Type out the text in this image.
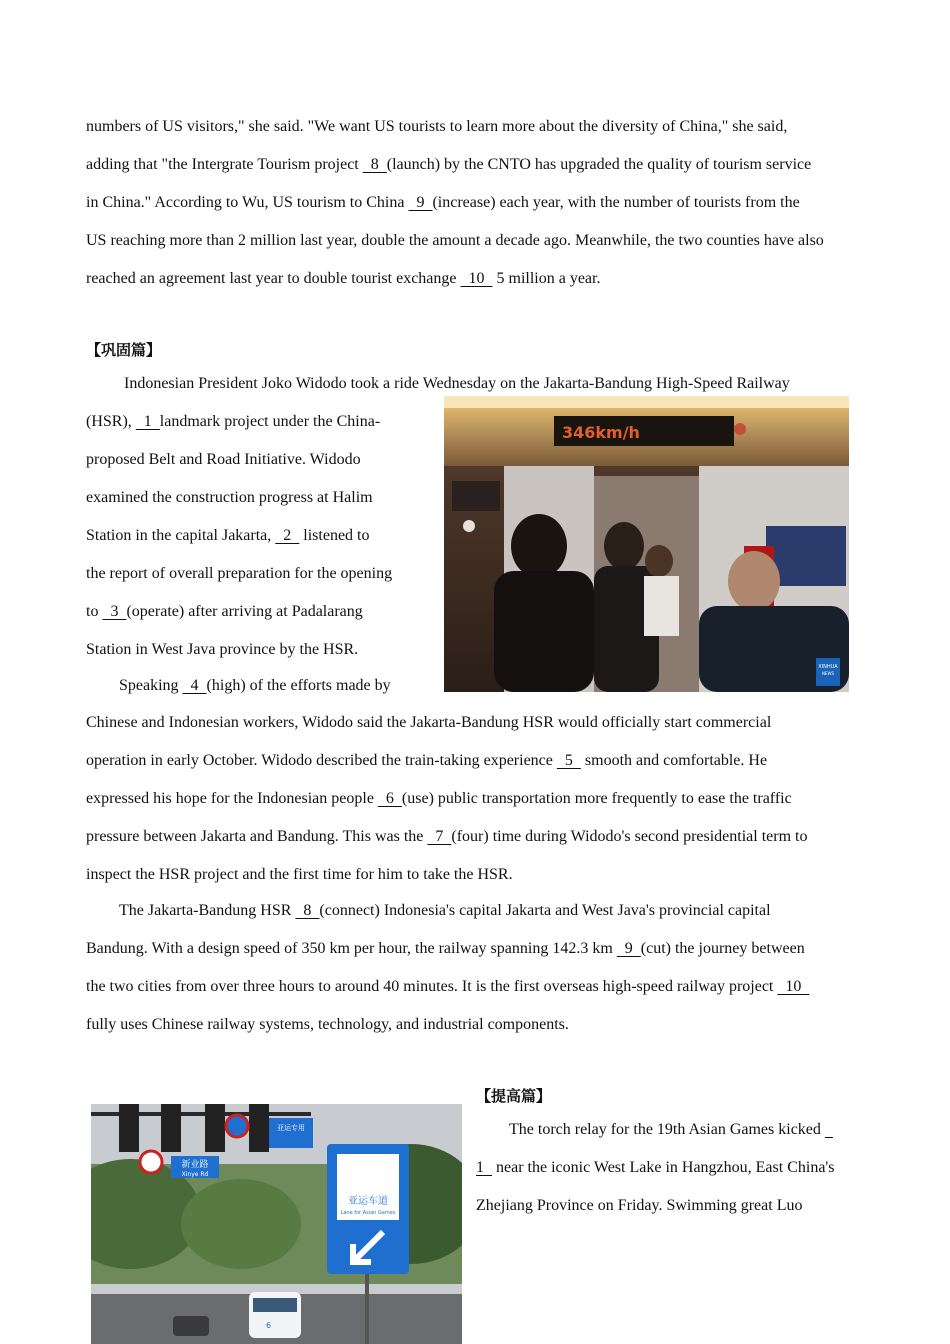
numbers of US visitors," she said. "We want US tourists to learn more about the diversity of China," she said,
adding that "the Intergrate Tourism project   8  (launch) by the CNTO has upgraded the quality of tourism service
in China." According to Wu, US tourism to China   9  (increase) each year, with the number of tourists from the
US reaching more than 2 million last year, double the amount a decade ago. Meanwhile, the two counties have also
reached an agreement last year to double tourist exchange   10   5 million a year.
【巩固篇】
Indonesian President Joko Widodo took a ride Wednesday on the Jakarta-Bandung High-Speed Railway
(HSR),   1  landmark project under the China-
proposed Belt and Road Initiative. Widodo
examined the construction progress at Halim
Station in the capital Jakarta,   2   listened to
the report of overall preparation for the opening
to   3  (operate) after arriving at Padalarang
Station in West Java province by the HSR.
Speaking   4  (high) of the efforts made by
Chinese and Indonesian workers, Widodo said the Jakarta-Bandung HSR would officially start commercial
operation in early October. Widodo described the train-taking experience   5   smooth and comfortable. He
expressed his hope for the Indonesian people   6  (use) public transportation more frequently to ease the traffic
pressure between Jakarta and Bandung. This was the   7  (four) time during Widodo's second presidential term to
inspect the HSR project and the first time for him to take the HSR.
The Jakarta-Bandung HSR   8  (connect) Indonesia's capital Jakarta and West Java's provincial capital
Bandung. With a design speed of 350 km per hour, the railway spanning 142.3 km   9  (cut) the journey between
the two cities from over three hours to around 40 minutes. It is the first overseas high-speed railway project   10
fully uses Chinese railway systems, technology, and industrial components.
XINHUA
NEWS
346km/h
【提高篇】
The torch relay for the 19th Asian Games kicked
1   near the iconic West Lake in Hangzhou, East China's
Zhejiang Province on Friday. Swimming great Luo
新业路
Xinye Rd
亚运专用
亚运车道
Lane for Asian Games
6
